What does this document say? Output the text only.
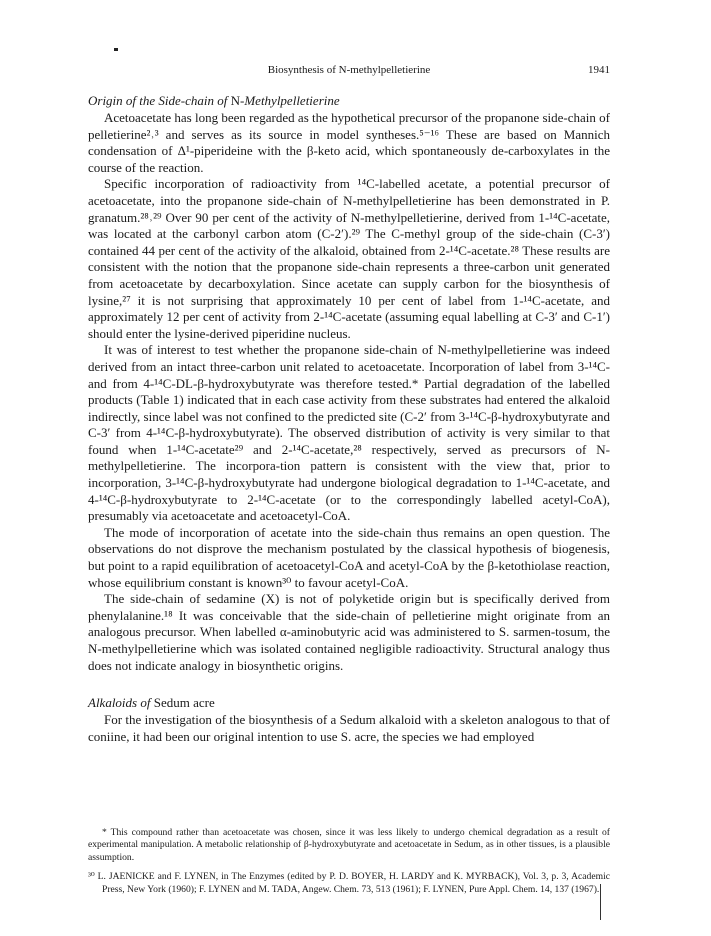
Biosynthesis of N-methylpelletierine	1941

Origin of the Side-chain of N-Methylpelletierine

Acetoacetate has long been regarded as the hypothetical precursor of the propanone side-chain of pelletierine²˒³ and serves as its source in model syntheses.⁵⁻¹⁶ These are based on Mannich condensation of Δ¹-piperideine with the β-keto acid, which spontaneously de-carboxylates in the course of the reaction.

Specific incorporation of radioactivity from ¹⁴C-labelled acetate, a potential precursor of acetoacetate, into the propanone side-chain of N-methylpelletierine has been demonstrated in P. granatum.²⁸˒²⁹ Over 90 per cent of the activity of N-methylpelletierine, derived from 1-¹⁴C-acetate, was located at the carbonyl carbon atom (C-2′).²⁹ The C-methyl group of the side-chain (C-3′) contained 44 per cent of the activity of the alkaloid, obtained from 2-¹⁴C-acetate.²⁸ These results are consistent with the notion that the propanone side-chain represents a three-carbon unit generated from acetoacetate by decarboxylation. Since acetate can supply carbon for the biosynthesis of lysine,²⁷ it is not surprising that approximately 10 per cent of label from 1-¹⁴C-acetate, and approximately 12 per cent of activity from 2-¹⁴C-acetate (assuming equal labelling at C-3′ and C-1′) should enter the lysine-derived piperidine nucleus.

It was of interest to test whether the propanone side-chain of N-methylpelletierine was indeed derived from an intact three-carbon unit related to acetoacetate. Incorporation of label from 3-¹⁴C- and from 4-¹⁴C-DL-β-hydroxybutyrate was therefore tested.* Partial degradation of the labelled products (Table 1) indicated that in each case activity from these substrates had entered the alkaloid indirectly, since label was not confined to the predicted site (C-2′ from 3-¹⁴C-β-hydroxybutyrate and C-3′ from 4-¹⁴C-β-hydroxybutyrate). The observed distribution of activity is very similar to that found when 1-¹⁴C-acetate²⁹ and 2-¹⁴C-acetate,²⁸ respectively, served as precursors of N-methylpelletierine. The incorpora-tion pattern is consistent with the view that, prior to incorporation, 3-¹⁴C-β-hydroxybutyrate had undergone biological degradation to 1-¹⁴C-acetate, and 4-¹⁴C-β-hydroxybutyrate to 2-¹⁴C-acetate (or to the correspondingly labelled acetyl-CoA), presumably via acetoacetate and acetoacetyl-CoA.

The mode of incorporation of acetate into the side-chain thus remains an open question. The observations do not disprove the mechanism postulated by the classical hypothesis of biogenesis, but point to a rapid equilibration of acetoacetyl-CoA and acetyl-CoA by the β-ketothiolase reaction, whose equilibrium constant is known³⁰ to favour acetyl-CoA.

The side-chain of sedamine (X) is not of polyketide origin but is specifically derived from phenylalanine.¹⁸ It was conceivable that the side-chain of pelletierine might originate from an analogous precursor. When labelled α-aminobutyric acid was administered to S. sarmen-tosum, the N-methylpelletierine which was isolated contained negligible radioactivity. Structural analogy thus does not indicate analogy in biosynthetic origins.

Alkaloids of Sedum acre

For the investigation of the biosynthesis of a Sedum alkaloid with a skeleton analogous to that of coniine, it had been our original intention to use S. acre, the species we had employed

* This compound rather than acetoacetate was chosen, since it was less likely to undergo chemical degradation as a result of experimental manipulation. A metabolic relationship of β-hydroxybutyrate and acetoacetate in Sedum, as in other tissues, is a plausible assumption.

³⁰ L. JAENICKE and F. LYNEN, in The Enzymes (edited by P. D. BOYER, H. LARDY and K. MYRBACK), Vol. 3, p. 3, Academic Press, New York (1960); F. LYNEN and M. TADA, Angew. Chem. 73, 513 (1961); F. LYNEN, Pure Appl. Chem. 14, 137 (1967).
